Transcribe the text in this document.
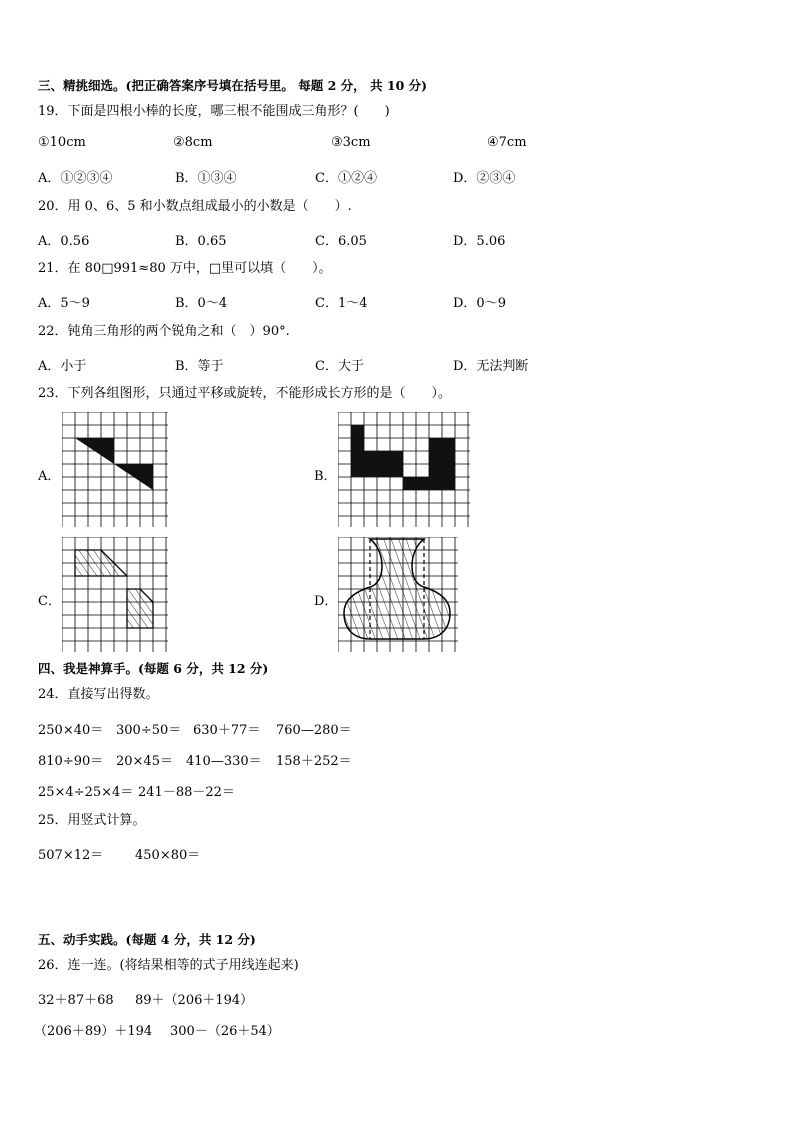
三、精挑细选。(把正确答案序号填在括号里。 每题 2 分， 共 10 分)
19．下面是四根小棒的长度，哪三根不能围成三角形？(　　)
①10cm	②8cm	③3cm	④7cm
A．①②③④	B．①③④	C．①②④	D．②③④
20．用 0、6、5 和小数点组成最小的小数是（　　）.
A．0.56	B．0.65	C．6.05	D．5.06
21．在 80□991≈80 万中，□里可以填（　　）。
A．5～9	B．0～4	C．1～4	D．0～9
22．钝角三角形的两个锐角之和（　）90°.
A．小于	B．等于	C．大于	D．无法判断
23．下列各组图形，只通过平移或旋转，不能形成长方形的是（　　）。
A．	B．
C．	D．
四、我是神算手。(每题 6 分，共 12 分)
24．直接写出得数。
250×40＝ 300÷50＝ 630＋77＝ 760—280＝
810÷90＝ 20×45＝ 410—330＝ 158＋252＝
25×4÷25×4＝ 241－88－22＝
25．用竖式计算。
507×12＝ 450×80＝
五、动手实践。(每题 4 分，共 12 分)
26．连一连。(将结果相等的式子用线连起来)
32＋87＋68 89＋（206＋194）
（206＋89）＋194 300－（26＋54）
